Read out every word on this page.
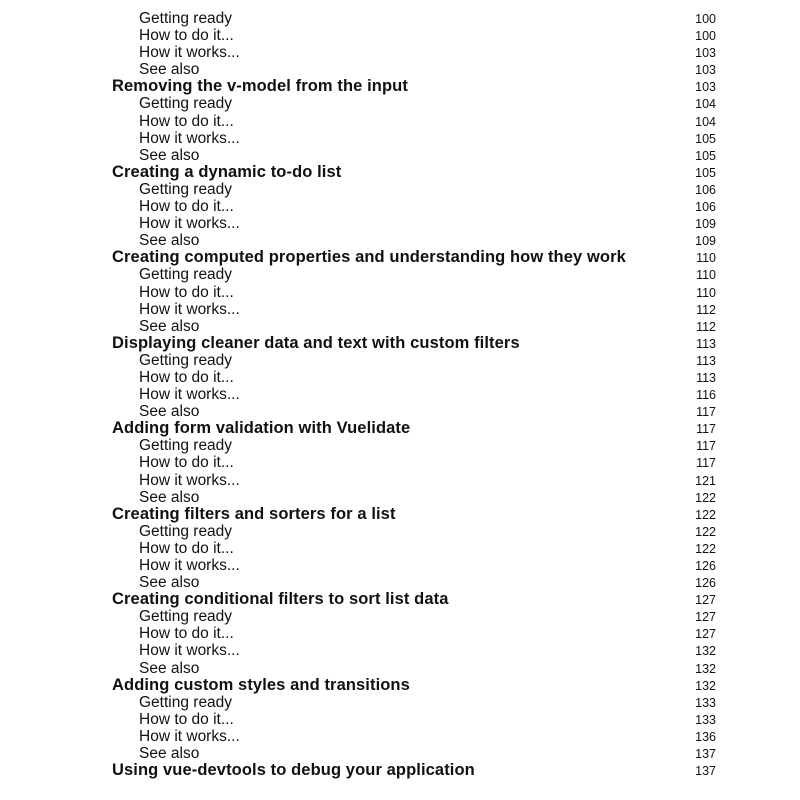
Getting ready	100
How to do it...	100
How it works...	103
See also	103
Removing the v-model from the input	103
Getting ready	104
How to do it...	104
How it works...	105
See also	105
Creating a dynamic to-do list	105
Getting ready	106
How to do it...	106
How it works...	109
See also	109
Creating computed properties and understanding how they work	110
Getting ready	110
How to do it...	110
How it works...	112
See also	112
Displaying cleaner data and text with custom filters	113
Getting ready	113
How to do it...	113
How it works...	116
See also	117
Adding form validation with Vuelidate	117
Getting ready	117
How to do it...	117
How it works...	121
See also	122
Creating filters and sorters for a list	122
Getting ready	122
How to do it...	122
How it works...	126
See also	126
Creating conditional filters to sort list data	127
Getting ready	127
How to do it...	127
How it works...	132
See also	132
Adding custom styles and transitions	132
Getting ready	133
How to do it...	133
How it works...	136
See also	137
Using vue-devtools to debug your application	137
